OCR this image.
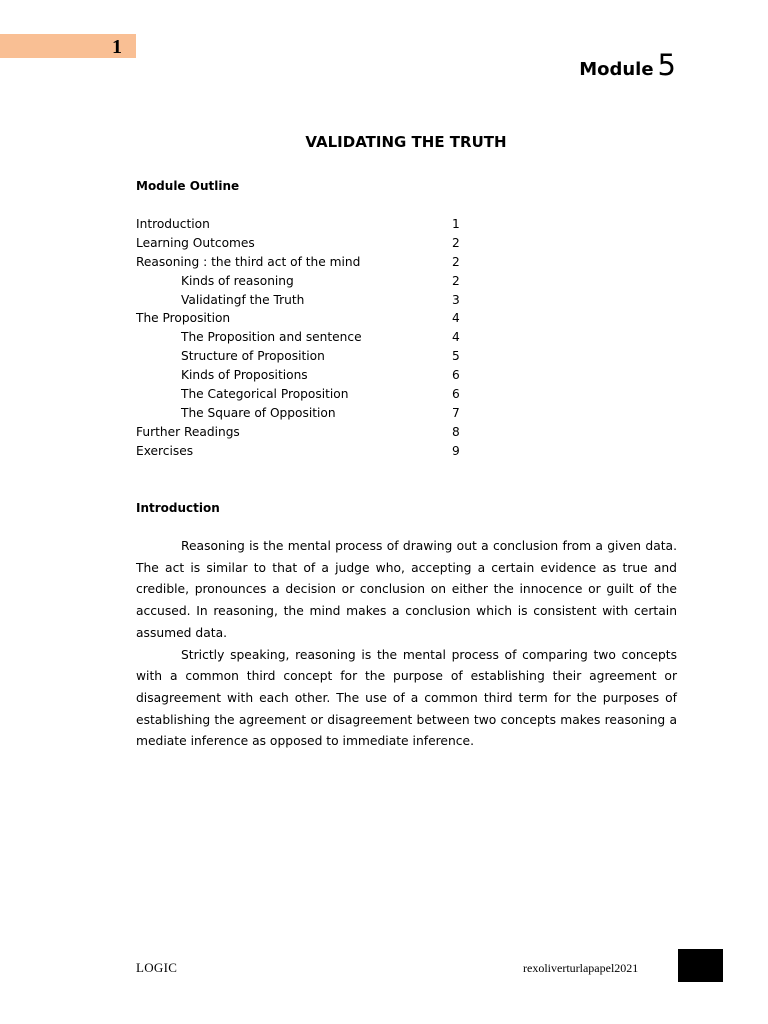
1
Module 5
VALIDATING THE TRUTH
Module Outline
Introduction	1
Learning Outcomes	2
Reasoning : the third act of the mind	2
Kinds of reasoning	2
Validatingf the Truth	3
The Proposition	4
The Proposition and sentence	4
Structure of Proposition	5
Kinds of Propositions	6
The Categorical Proposition	6
The Square of Opposition	7
Further Readings	8
Exercises	9
Introduction

Reasoning is the mental process of drawing out a conclusion from a given data. The act is similar to that of a judge who, accepting a certain evidence as true and credible, pronounces a decision or conclusion on either the innocence or guilt of the accused. In reasoning, the mind makes a conclusion which is consistent with certain assumed data.

Strictly speaking, reasoning is the mental process of comparing two concepts with a common third concept for the purpose of establishing their agreement or disagreement with each other. The use of a common third term for the purposes of establishing the agreement or disagreement between two concepts makes reasoning a mediate inference as opposed to immediate inference.

LOGIC	rexoliverturlapapel2021
